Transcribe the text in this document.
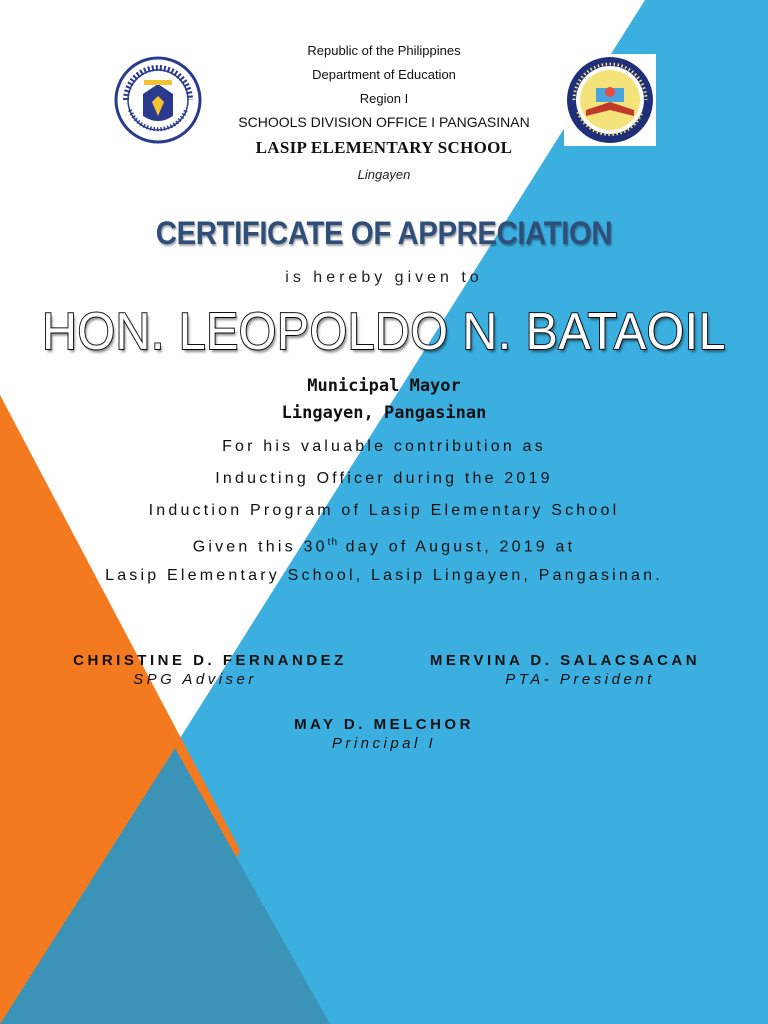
Republic of the Philippines
Department of Education
Region I
SCHOOLS DIVISION OFFICE I PANGASINAN
LASIP ELEMENTARY SCHOOL
Lingayen
CERTIFICATE OF APPRECIATION
is hereby given to
HON. LEOPOLDO N. BATAOIL
Municipal Mayor
Lingayen, Pangasinan
For his valuable contribution as
Inducting Officer during the 2019
Induction Program of Lasip Elementary School
Given this 30th day of August, 2019 at
Lasip Elementary School, Lasip Lingayen, Pangasinan.
CHRISTINE D. FERNANDEZ
SPG Adviser
MERVINA D. SALACSACAN
PTA- President
MAY D. MELCHOR
Principal I
